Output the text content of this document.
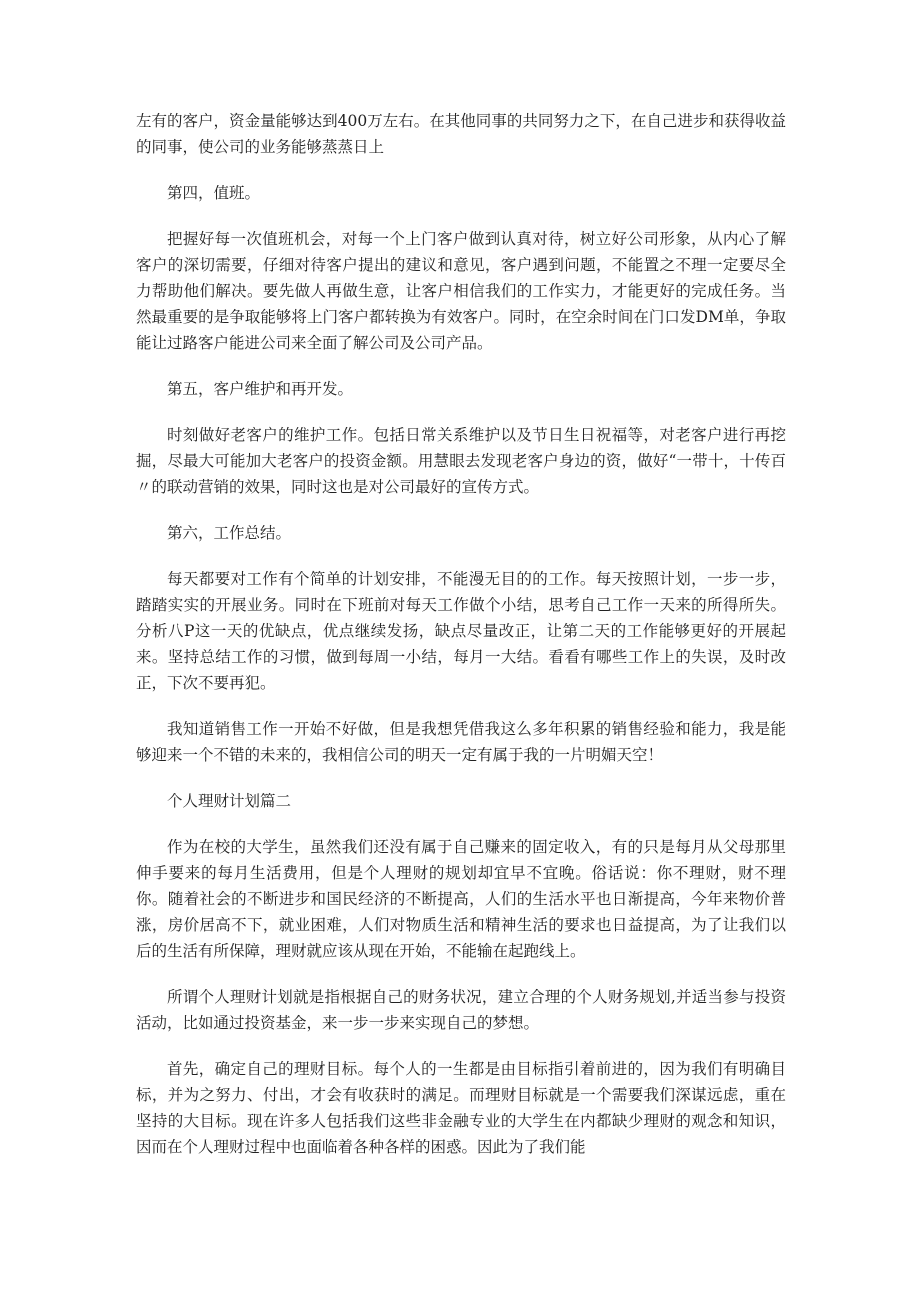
左有的客户，资金量能够达到400万左右。在其他同事的共同努力之下，在自己进步和获得收益的同事，使公司的业务能够蒸蒸日上

第四，值班。

把握好每一次值班机会，对每一个上门客户做到认真对待，树立好公司形象，从内心了解客户的深切需要，仔细对待客户提出的建议和意见，客户遇到问题，不能置之不理一定要尽全力帮助他们解决。要先做人再做生意，让客户相信我们的工作实力，才能更好的完成任务。当然最重要的是争取能够将上门客户都转换为有效客户。同时，在空余时间在门口发DM单，争取能让过路客户能进公司来全面了解公司及公司产品。

第五，客户维护和再开发。

时刻做好老客户的维护工作。包括日常关系维护以及节日生日祝福等，对老客户进行再挖掘，尽最大可能加大老客户的投资金额。用慧眼去发现老客户身边的资，做好“一带十，十传百〃的联动营销的效果，同时这也是对公司最好的宣传方式。

第六，工作总结。

每天都要对工作有个简单的计划安排，不能漫无目的的工作。每天按照计划，一步一步，踏踏实实的开展业务。同时在下班前对每天工作做个小结，思考自己工作一天来的所得所失。分析八P这一天的优缺点，优点继续发扬，缺点尽量改正，让第二天的工作能够更好的开展起来。坚持总结工作的习惯，做到每周一小结，每月一大结。看看有哪些工作上的失误，及时改正，下次不要再犯。

我知道销售工作一开始不好做，但是我想凭借我这么多年积累的销售经验和能力，我是能够迎来一个不错的未来的，我相信公司的明天一定有属于我的一片明媚天空！

个人理财计划篇二

作为在校的大学生，虽然我们还没有属于自己赚来的固定收入，有的只是每月从父母那里伸手要来的每月生活费用，但是个人理财的规划却宜早不宜晚。俗话说：你不理财，财不理你。随着社会的不断进步和国民经济的不断提高，人们的生活水平也日渐提高，今年来物价普涨，房价居高不下，就业困难，人们对物质生活和精神生活的要求也日益提高，为了让我们以后的生活有所保障，理财就应该从现在开始，不能输在起跑线上。

所谓个人理财计划就是指根据自己的财务状况，建立合理的个人财务规划,并适当参与投资活动，比如通过投资基金，来一步一步来实现自己的梦想。

首先，确定自己的理财目标。每个人的一生都是由目标指引着前进的，因为我们有明确目标，并为之努力、付出，才会有收获时的满足。而理财目标就是一个需要我们深谋远虑，重在坚持的大目标。现在许多人包括我们这些非金融专业的大学生在内都缺少理财的观念和知识，因而在个人理财过程中也面临着各种各样的困惑。因此为了我们能
